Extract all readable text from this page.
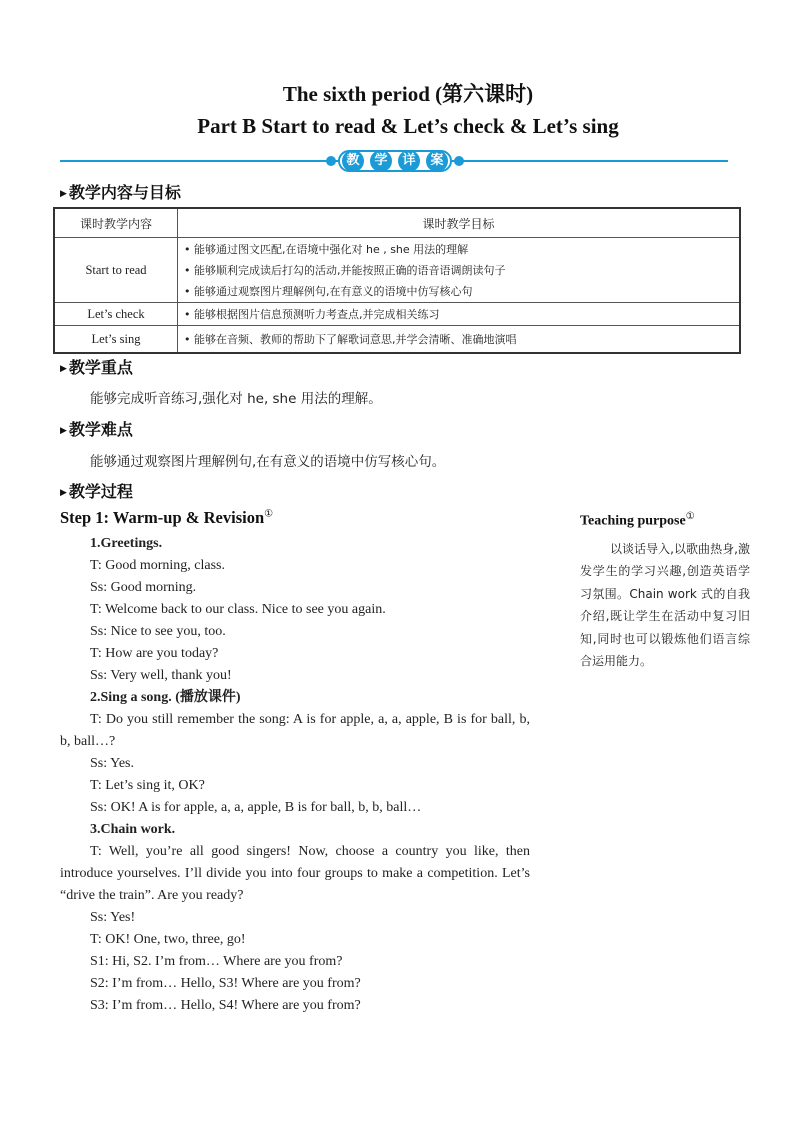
The sixth period (第六课时)
Part B Start to read & Let’s check & Let’s sing
教	学	详	案
▶ 教学内容与目标
课时教学内容	课时教学目标
Start to read	• 能够通过图文匹配,在语境中强化对 he , she 用法的理解
• 能够顺利完成读后打勾的活动,并能按照正确的语音语调朗读句子
• 能够通过观察图片理解例句,在有意义的语境中仿写核心句

Let’s check	• 能够根据图片信息预测听力考查点,并完成相关练习

Let’s sing	• 能够在音频、教师的帮助下了解歌词意思,并学会清晰、准确地演唱
▶ 教学重点
能够完成听音练习,强化对 he, she 用法的理解。
▶ 教学难点
能够通过观察图片理解例句,在有意义的语境中仿写核心句。
▶ 教学过程
Step 1: Warm-up & Revision①

1.Greetings.

T: Good morning, class.

Ss: Good morning.

T: Welcome back to our class. Nice to see you again.

Ss: Nice to see you, too.

T: How are you today?

Ss: Very well, thank you!

2.Sing a song. (播放课件)

T: Do you still remember the song: A is for apple, a, a, apple, B is for ball, b, b, ball…?

Ss: Yes.

T: Let’s sing it, OK?

Ss: OK! A is for apple, a, a, apple, B is for ball, b, b, ball…

3.Chain work.

T: Well, you’re all good singers! Now, choose a country you like, then introduce yourselves. I’ll divide you into four groups to make a competition. Let’s “drive the train”. Are you ready?

Ss: Yes!

T: OK! One, two, three, go!

S1: Hi, S2. I’m from… Where are you from?

S2: I’m from… Hello, S3! Where are you from?

S3: I’m from… Hello, S4! Where are you from?

Teaching purpose①

以谈话导入,以歌曲热身,激发学生的学习兴趣,创造英语学习氛围。Chain work 式的自我介绍,既让学生在活动中复习旧知,同时也可以锻炼他们语言综合运用能力。
